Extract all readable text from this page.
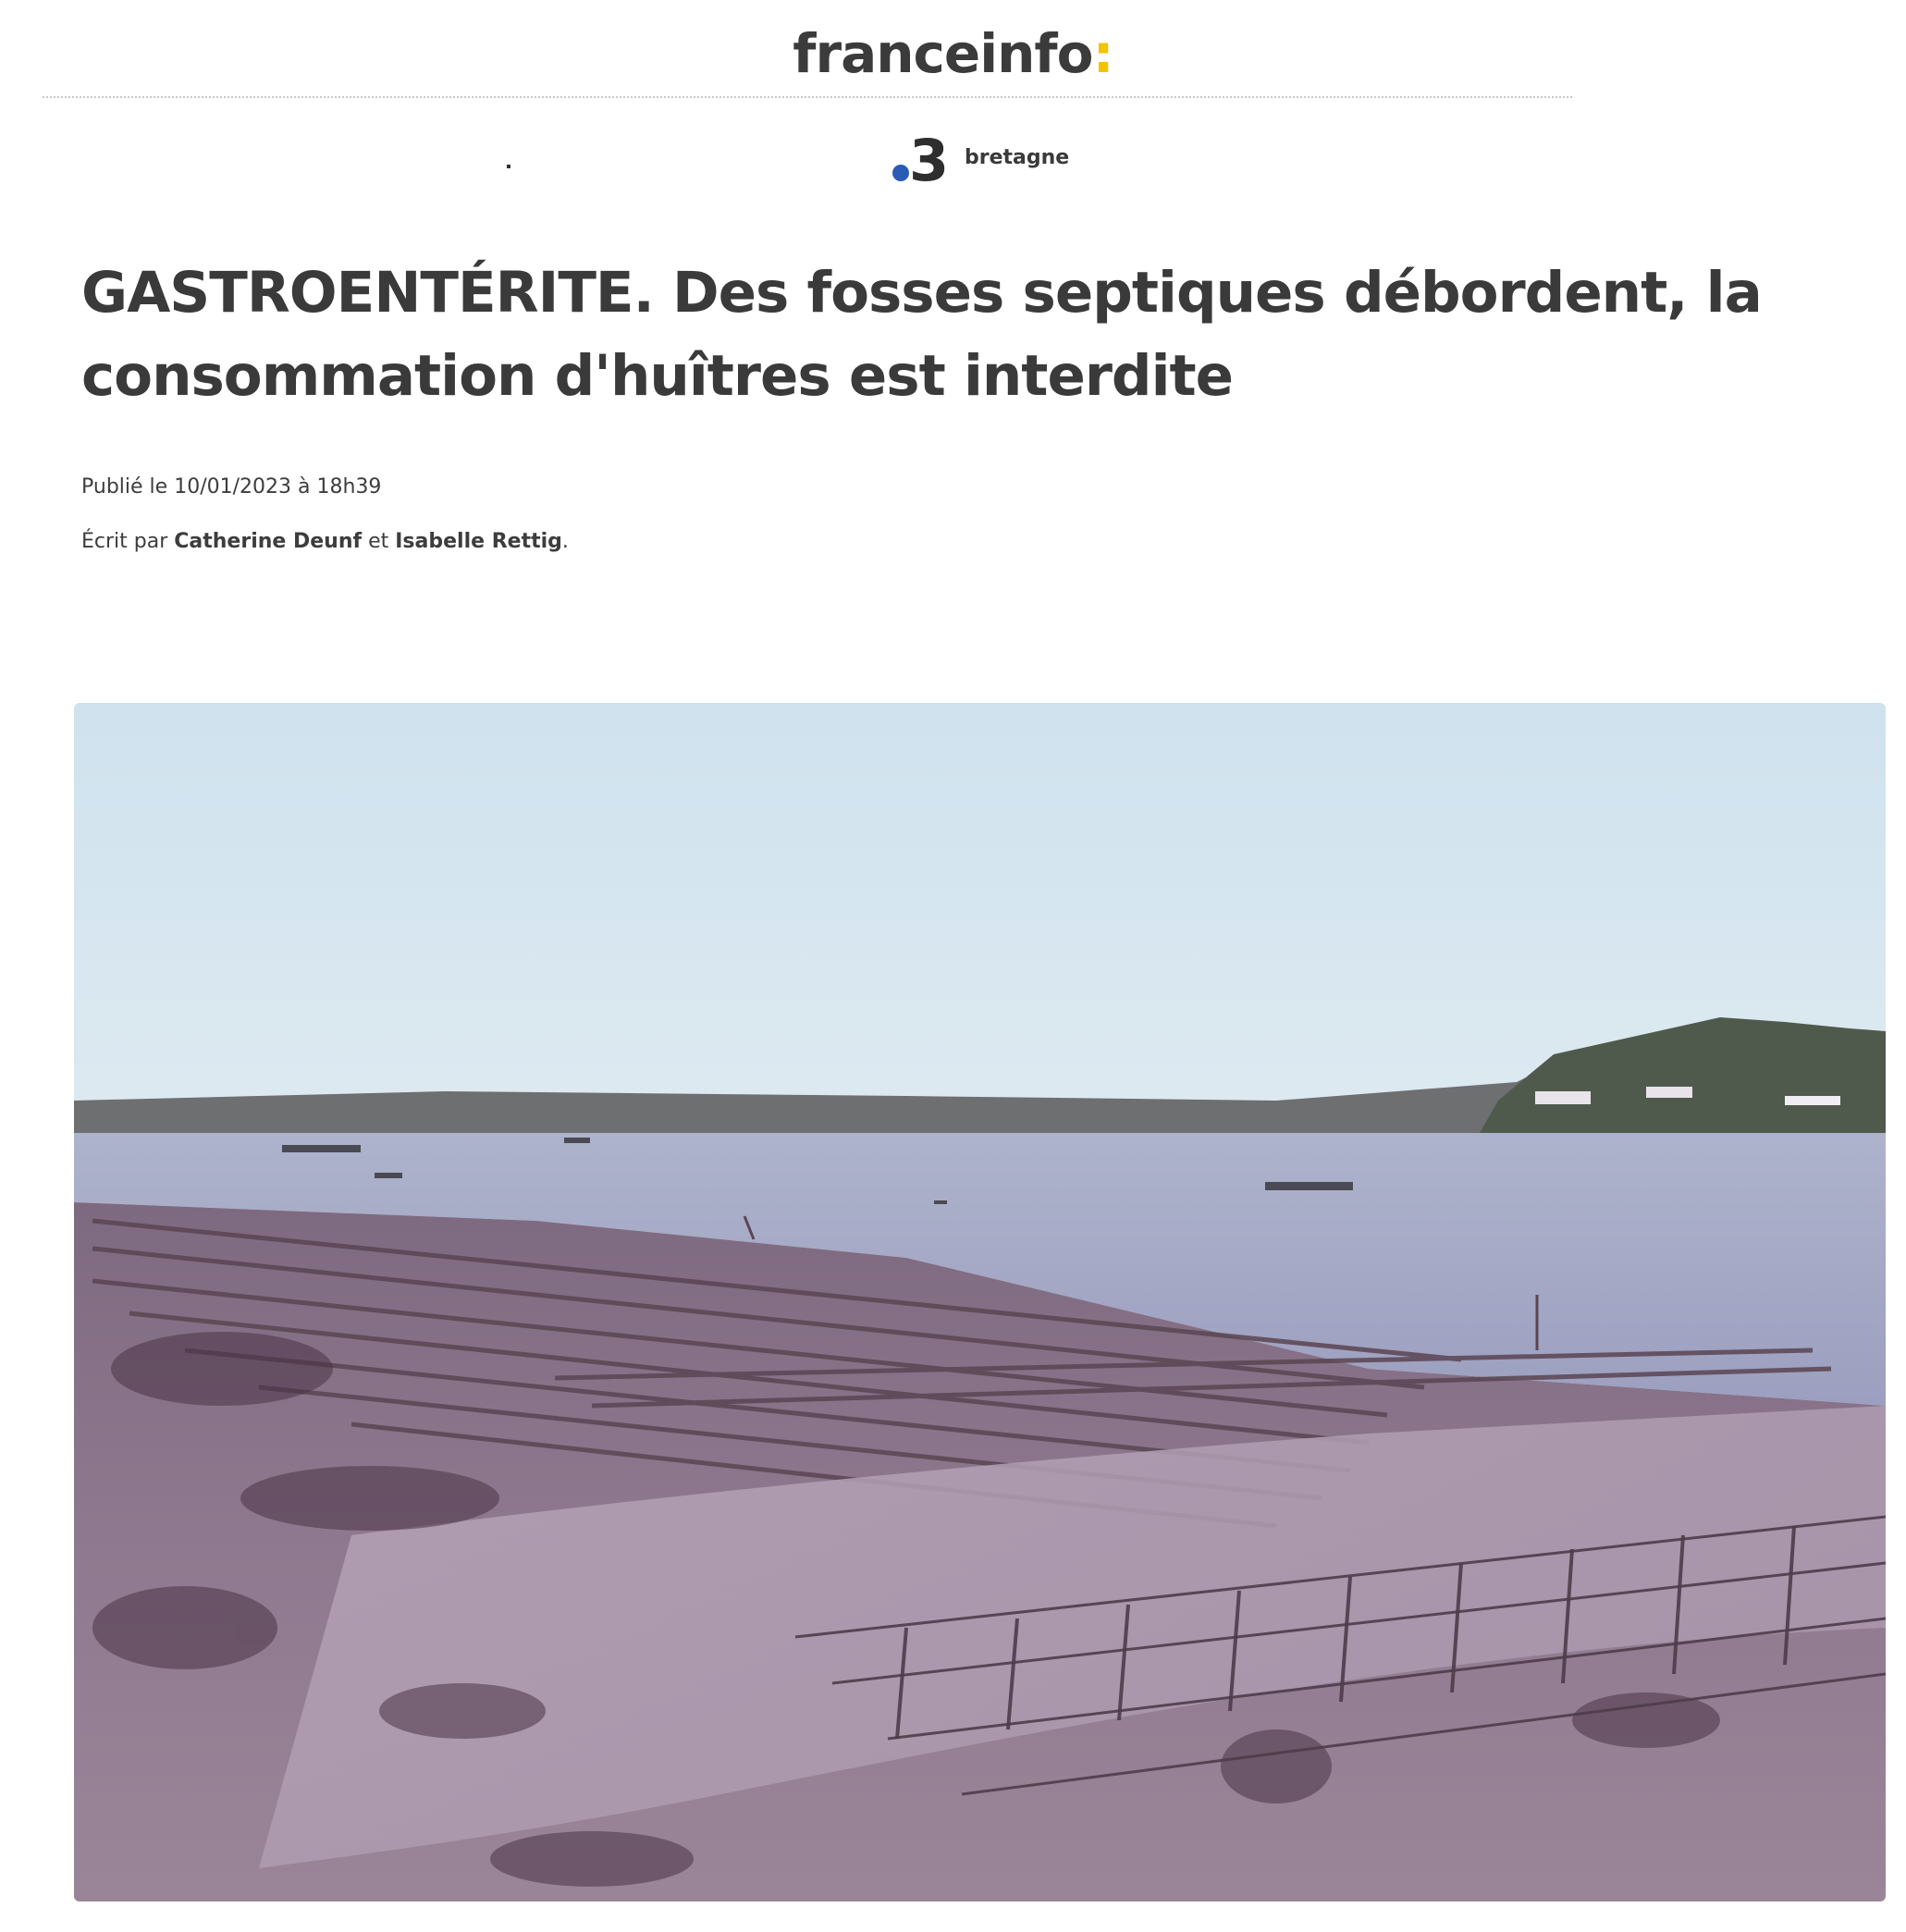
franceinfo:
3 bretagne
GASTROENTÉRITE. Des fosses septiques débordent, la consommation d'huîtres est interdite
Publié le 10/01/2023 à 18h39
Écrit par Catherine Deunf et Isabelle Rettig.
